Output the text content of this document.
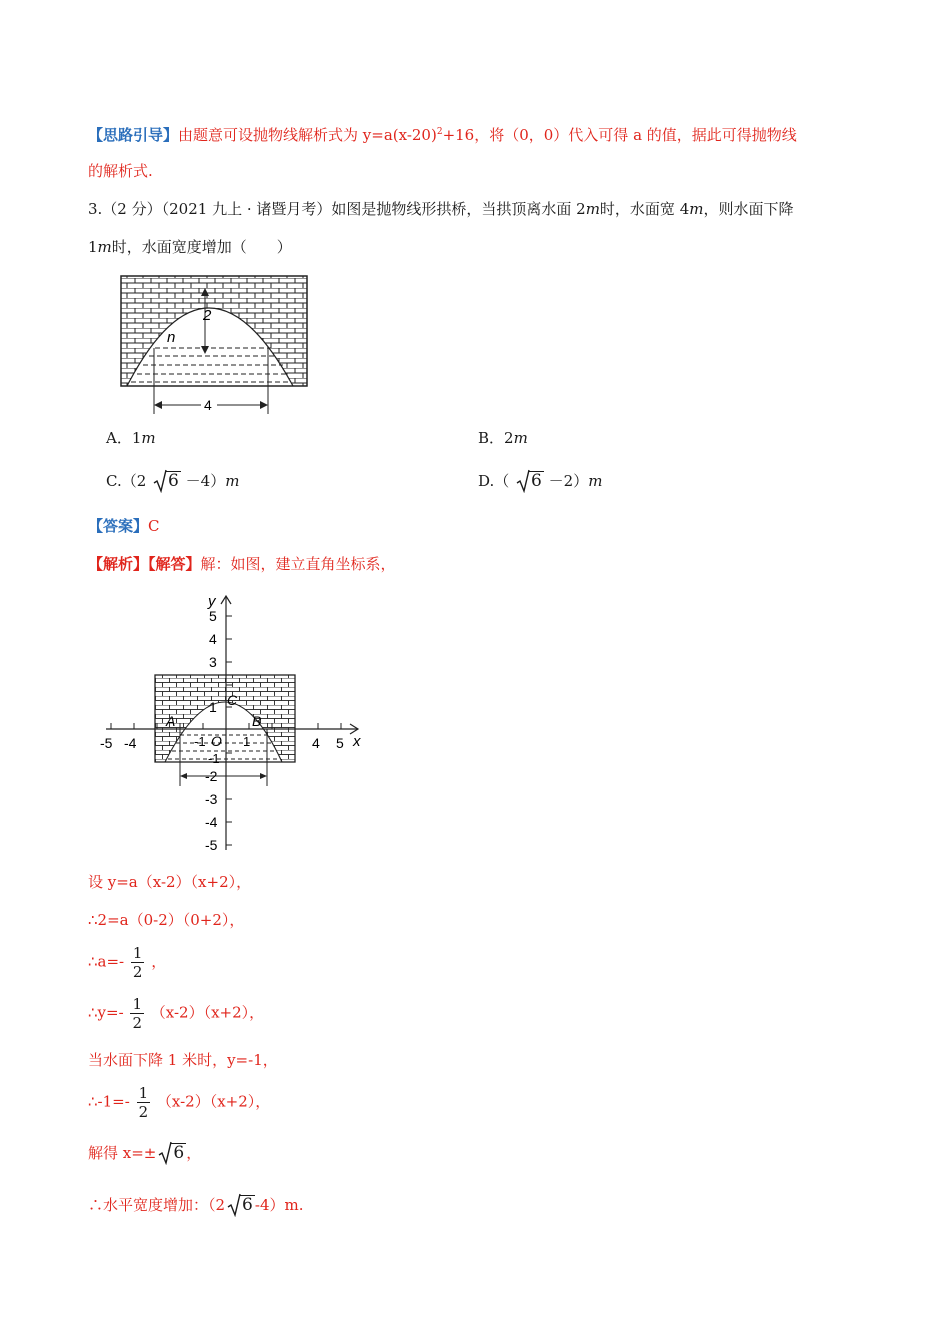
【思路引导】由题意可设抛物线解析式为 $y=a(x-20)^2+16$，将（0，0）代入可得 a 的值，据此可得抛物线
的解析式.
3.（2 分）（2021 九上 · 诸暨月考）如图是抛物线形拱桥，当拱顶离水面 2m时，水面宽 4m，则水面下降
1m时，水面宽度增加（　　）
2
n
4
A．1m	B．2m
C.（2 6 －4）m	D.（ 6 －2）m
【答案】C
【解析】【解答】解：如图，建立直角坐标系，
y
x
5
4
3
1
-2
-3
-4
-5
-5 -4	4 5
A	B
C
O
-1	1
-1
设 y=a（x-2）（x+2），
∴2=a（0-2）（0+2），
∴a=- $\frac{1}{2}$ ，
∴y=- $\frac{1}{2} (x-2)(x+2)$，
当水面下降 1 米时，y=-1，
∴-1=- $\frac{1}{2} (x-2)(x+2)$，
解得 x=± 6 ，
∴水平宽度增加：（2 6 -4）m.
